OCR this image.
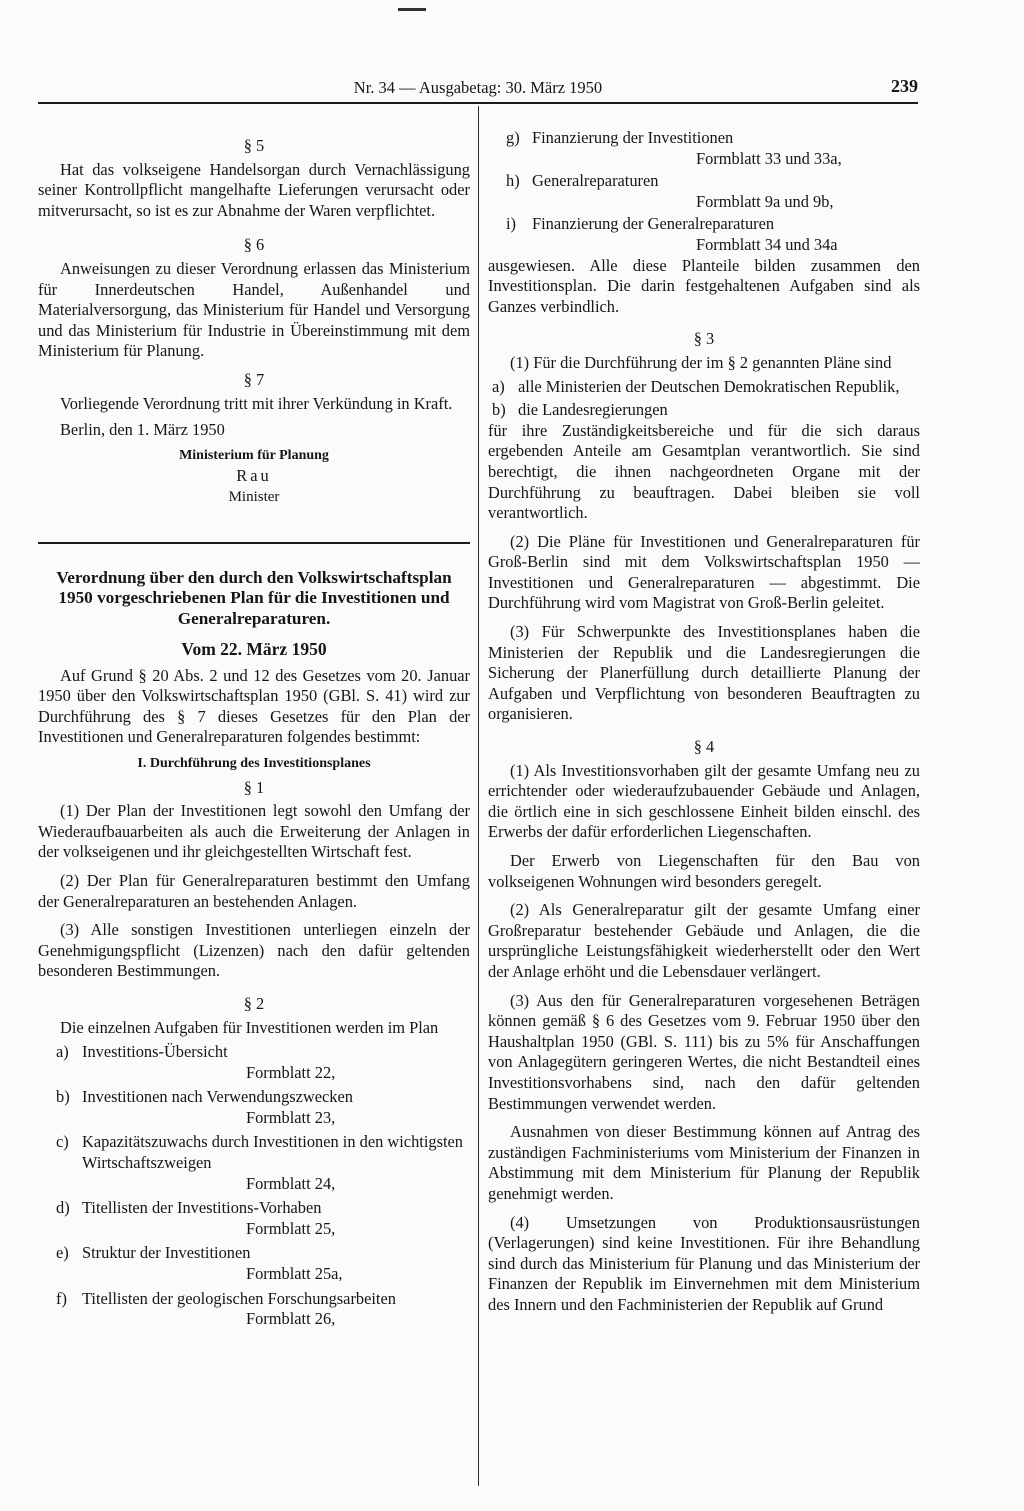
Nr. 34 — Ausgabetag: 30. März 1950	239

§ 5

Hat das volkseigene Handelsorgan durch Vernachlässigung seiner Kontrollpflicht mangelhafte Lieferungen verursacht oder mitverursacht, so ist es zur Abnahme der Waren verpflichtet.

§ 6

Anweisungen zu dieser Verordnung erlassen das Ministerium für Innerdeutschen Handel, Außenhandel und Materialversorgung, das Ministerium für Handel und Versorgung und das Ministerium für Industrie in Übereinstimmung mit dem Ministerium für Planung.

§ 7

Vorliegende Verordnung tritt mit ihrer Verkündung in Kraft.

Berlin, den 1. März 1950

Ministerium für Planung

Rau

Minister

Verordnung über den durch den Volkswirtschaftsplan 1950 vorgeschriebenen Plan für die Investitionen und Generalreparaturen.

Vom 22. März 1950

Auf Grund § 20 Abs. 2 und 12 des Gesetzes vom 20. Januar 1950 über den Volkswirtschaftsplan 1950 (GBl. S. 41) wird zur Durchführung des § 7 dieses Gesetzes für den Plan der Investitionen und Generalreparaturen folgendes bestimmt:

I. Durchführung des Investitionsplanes

§ 1

(1) Der Plan der Investitionen legt sowohl den Umfang der Wiederaufbauarbeiten als auch die Erweiterung der Anlagen in der volkseigenen und ihr gleichgestellten Wirtschaft fest.

(2) Der Plan für Generalreparaturen bestimmt den Umfang der Generalreparaturen an bestehenden Anlagen.

(3) Alle sonstigen Investitionen unterliegen einzeln der Genehmigungspflicht (Lizenzen) nach den dafür geltenden besonderen Bestimmungen.

§ 2

Die einzelnen Aufgaben für Investitionen werden im Plan

a) Investitions-Übersicht
Formblatt 22,
b) Investitionen nach Verwendungszwecken
Formblatt 23,
c) Kapazitätszuwachs durch Investitionen in den wichtigsten Wirtschaftszweigen
Formblatt 24,
d) Titellisten der Investitions-Vorhaben
Formblatt 25,
e) Struktur der Investitionen
Formblatt 25a,
f) Titellisten der geologischen Forschungsarbeiten
Formblatt 26,
g) Finanzierung der Investitionen
Formblatt 33 und 33a,
h) Generalreparaturen
Formblatt 9a und 9b,
i) Finanzierung der Generalreparaturen
Formblatt 34 und 34a

ausgewiesen. Alle diese Planteile bilden zusammen den Investitionsplan. Die darin festgehaltenen Aufgaben sind als Ganzes verbindlich.

§ 3

(1) Für die Durchführung der im § 2 genannten Pläne sind

a) alle Ministerien der Deutschen Demokratischen Republik,
b) die Landesregierungen

für ihre Zuständigkeitsbereiche und für die sich daraus ergebenden Anteile am Gesamtplan verantwortlich. Sie sind berechtigt, die ihnen nachgeordneten Organe mit der Durchführung zu beauftragen. Dabei bleiben sie voll verantwortlich.

(2) Die Pläne für Investitionen und Generalreparaturen für Groß-Berlin sind mit dem Volkswirtschaftsplan 1950 — Investitionen und Generalreparaturen — abgestimmt. Die Durchführung wird vom Magistrat von Groß-Berlin geleitet.

(3) Für Schwerpunkte des Investitionsplanes haben die Ministerien der Republik und die Landesregierungen die Sicherung der Planerfüllung durch detaillierte Planung der Aufgaben und Verpflichtung von besonderen Beauftragten zu organisieren.

§ 4

(1) Als Investitionsvorhaben gilt der gesamte Umfang neu zu errichtender oder wiederaufzubauender Gebäude und Anlagen, die örtlich eine in sich geschlossene Einheit bilden einschl. des Erwerbs der dafür erforderlichen Liegenschaften.

Der Erwerb von Liegenschaften für den Bau von volkseigenen Wohnungen wird besonders geregelt.

(2) Als Generalreparatur gilt der gesamte Umfang einer Großreparatur bestehender Gebäude und Anlagen, die die ursprüngliche Leistungsfähigkeit wiederherstellt oder den Wert der Anlage erhöht und die Lebensdauer verlängert.

(3) Aus den für Generalreparaturen vorgesehenen Beträgen können gemäß § 6 des Gesetzes vom 9. Februar 1950 über den Haushaltplan 1950 (GBl. S. 111) bis zu 5% für Anschaffungen von Anlagegütern geringeren Wertes, die nicht Bestandteil eines Investitionsvorhabens sind, nach den dafür geltenden Bestimmungen verwendet werden.

Ausnahmen von dieser Bestimmung können auf Antrag des zuständigen Fachministeriums vom Ministerium der Finanzen in Abstimmung mit dem Ministerium für Planung der Republik genehmigt werden.

(4) Umsetzungen von Produktionsausrüstungen (Verlagerungen) sind keine Investitionen. Für ihre Behandlung sind durch das Ministerium für Planung und das Ministerium der Finanzen der Republik im Einvernehmen mit dem Ministerium des Innern und den Fachministerien der Republik auf Grund
